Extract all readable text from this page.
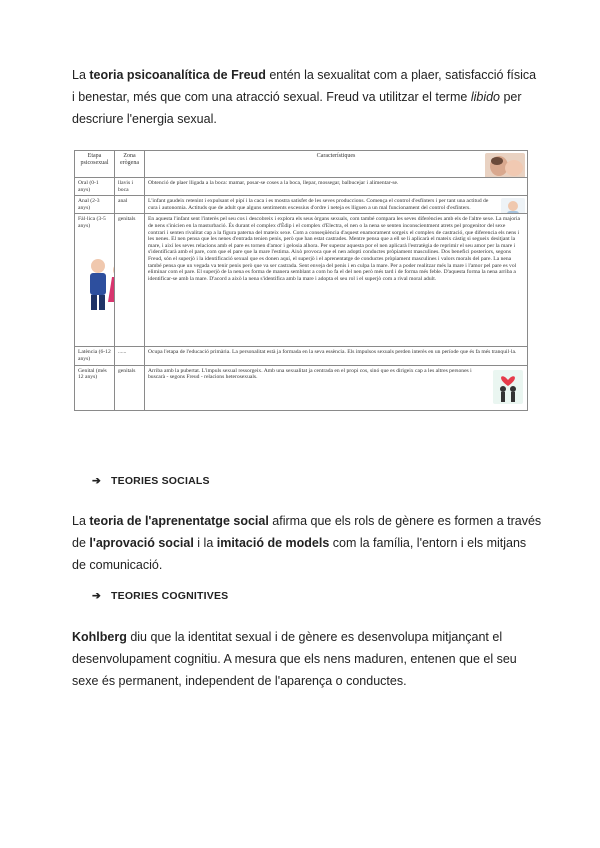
La teoria psicoanalítica de Freud entén la sexualitat com a plaer, satisfacció física i benestar, més que com una atracció sexual. Freud va utilitzar el terme libido per descriure l'energia sexual.

Etapa psicosexual	Zona erògena	Característiques

Oral (0-1 anys)	llavis i boca	Obtenció de plaer lligada a la boca: mamar, posar-se coses a la boca, llepar, mossegar, balbucejar i alimentar-se.
Anal (2-3 anys)	anal	L'infant gaudeix retenint i expulsant el pipí i la caca i es mostra satisfet de les seves produccions. Comença el control d'esfínters i per tant una actitud de cura i autonomia. Actituds que de adult que alguns sentiments excessius d'ordre i neteja es lliguen a un mal funcionament del control d'esfínters.

Fàl·lica (3-5 anys)	genitals	En aquesta l'infant sent l'interès pel seu cos i descobreix i explora els seus òrgans sexuals, com també compara les seves diferències amb els de l'altre sexe. La majoria de nens s'inicien en la masturbació. És durant el complex d'Èdip i el complex d'Electra, el nen o la nena se senten inconscientment atrets pel progenitor del sexe contrari i senten rivalitat cap a la figura paterna del mateix sexe. Com a conseqüència d'aquest enamorament sorgeix el complex de castració, que diferencia els nens i les nenes. El nen pensa que les nenes d'entrada tenien penis, però que han estat castrades. Mentre pensa que a ell se li aplicarà el mateix càstig si segueix desitjant la mare, i així les seves relacions amb el pare es tornen d'amor i gelosia alhora. Per superar aquesta por el nen aplicarà l'estratègia de reprimir el seu amor per la mare i s'identificarà amb el pare, com que el pare que la mare l'estima. Això provoca que el nen adopti conductes pròpiament masculines. Dos benefici posteriors, segons Freud, són el superjò i la identificació sexual que es donen aquí, el superjò i el aprenentatge de conductes pròpiament masculines i valors morals del pare. La nena també pensa que un vegada va tenir penis però que va ser castrada. Sent enveja del penis i en culpa la mare. Per a poder realitzar més la mare i l'amor pel pare es vol eliminar com el pare. El superjò de la nena es forma de manera semblant a com ho fa el del nen però més tard i de forma més feble. D'aquesta forma la nena arriba a identificar-se amb la mare. D'acord a això la nena s'identifica amb la mare i adopta el seu rol i el superjò com a rival moral adult.
Latència (6-12 anys)	......	Ocupa l'etapa de l'educació primària. La personalitat està ja formada en la seva essència. Els impulsos sexuals perden interès en un període que és fa més tranquil·la.
Genital (més 12 anys)	genitals	Arriba amb la pubertat. L'impuls sexual ressorgeix. Amb una sexualitat ja centrada en el propi cos, sinó que es dirigeix cap a les altres persones i buscarà - segons Freud - relacions heterosexuals.
➔ TEORIES SOCIALS

La teoria de l'aprenentatge social afirma que els rols de gènere es formen a través de l'aprovació social i la imitació de models com la família, l'entorn i els mitjans de comunicació.

➔ TEORIES COGNITIVES

Kohlberg diu que la identitat sexual i de gènere es desenvolupa mitjançant el desenvolupament cognitiu. A mesura que els nens maduren, entenen que el seu sexe és permanent, independent de l'aparença o conductes.
